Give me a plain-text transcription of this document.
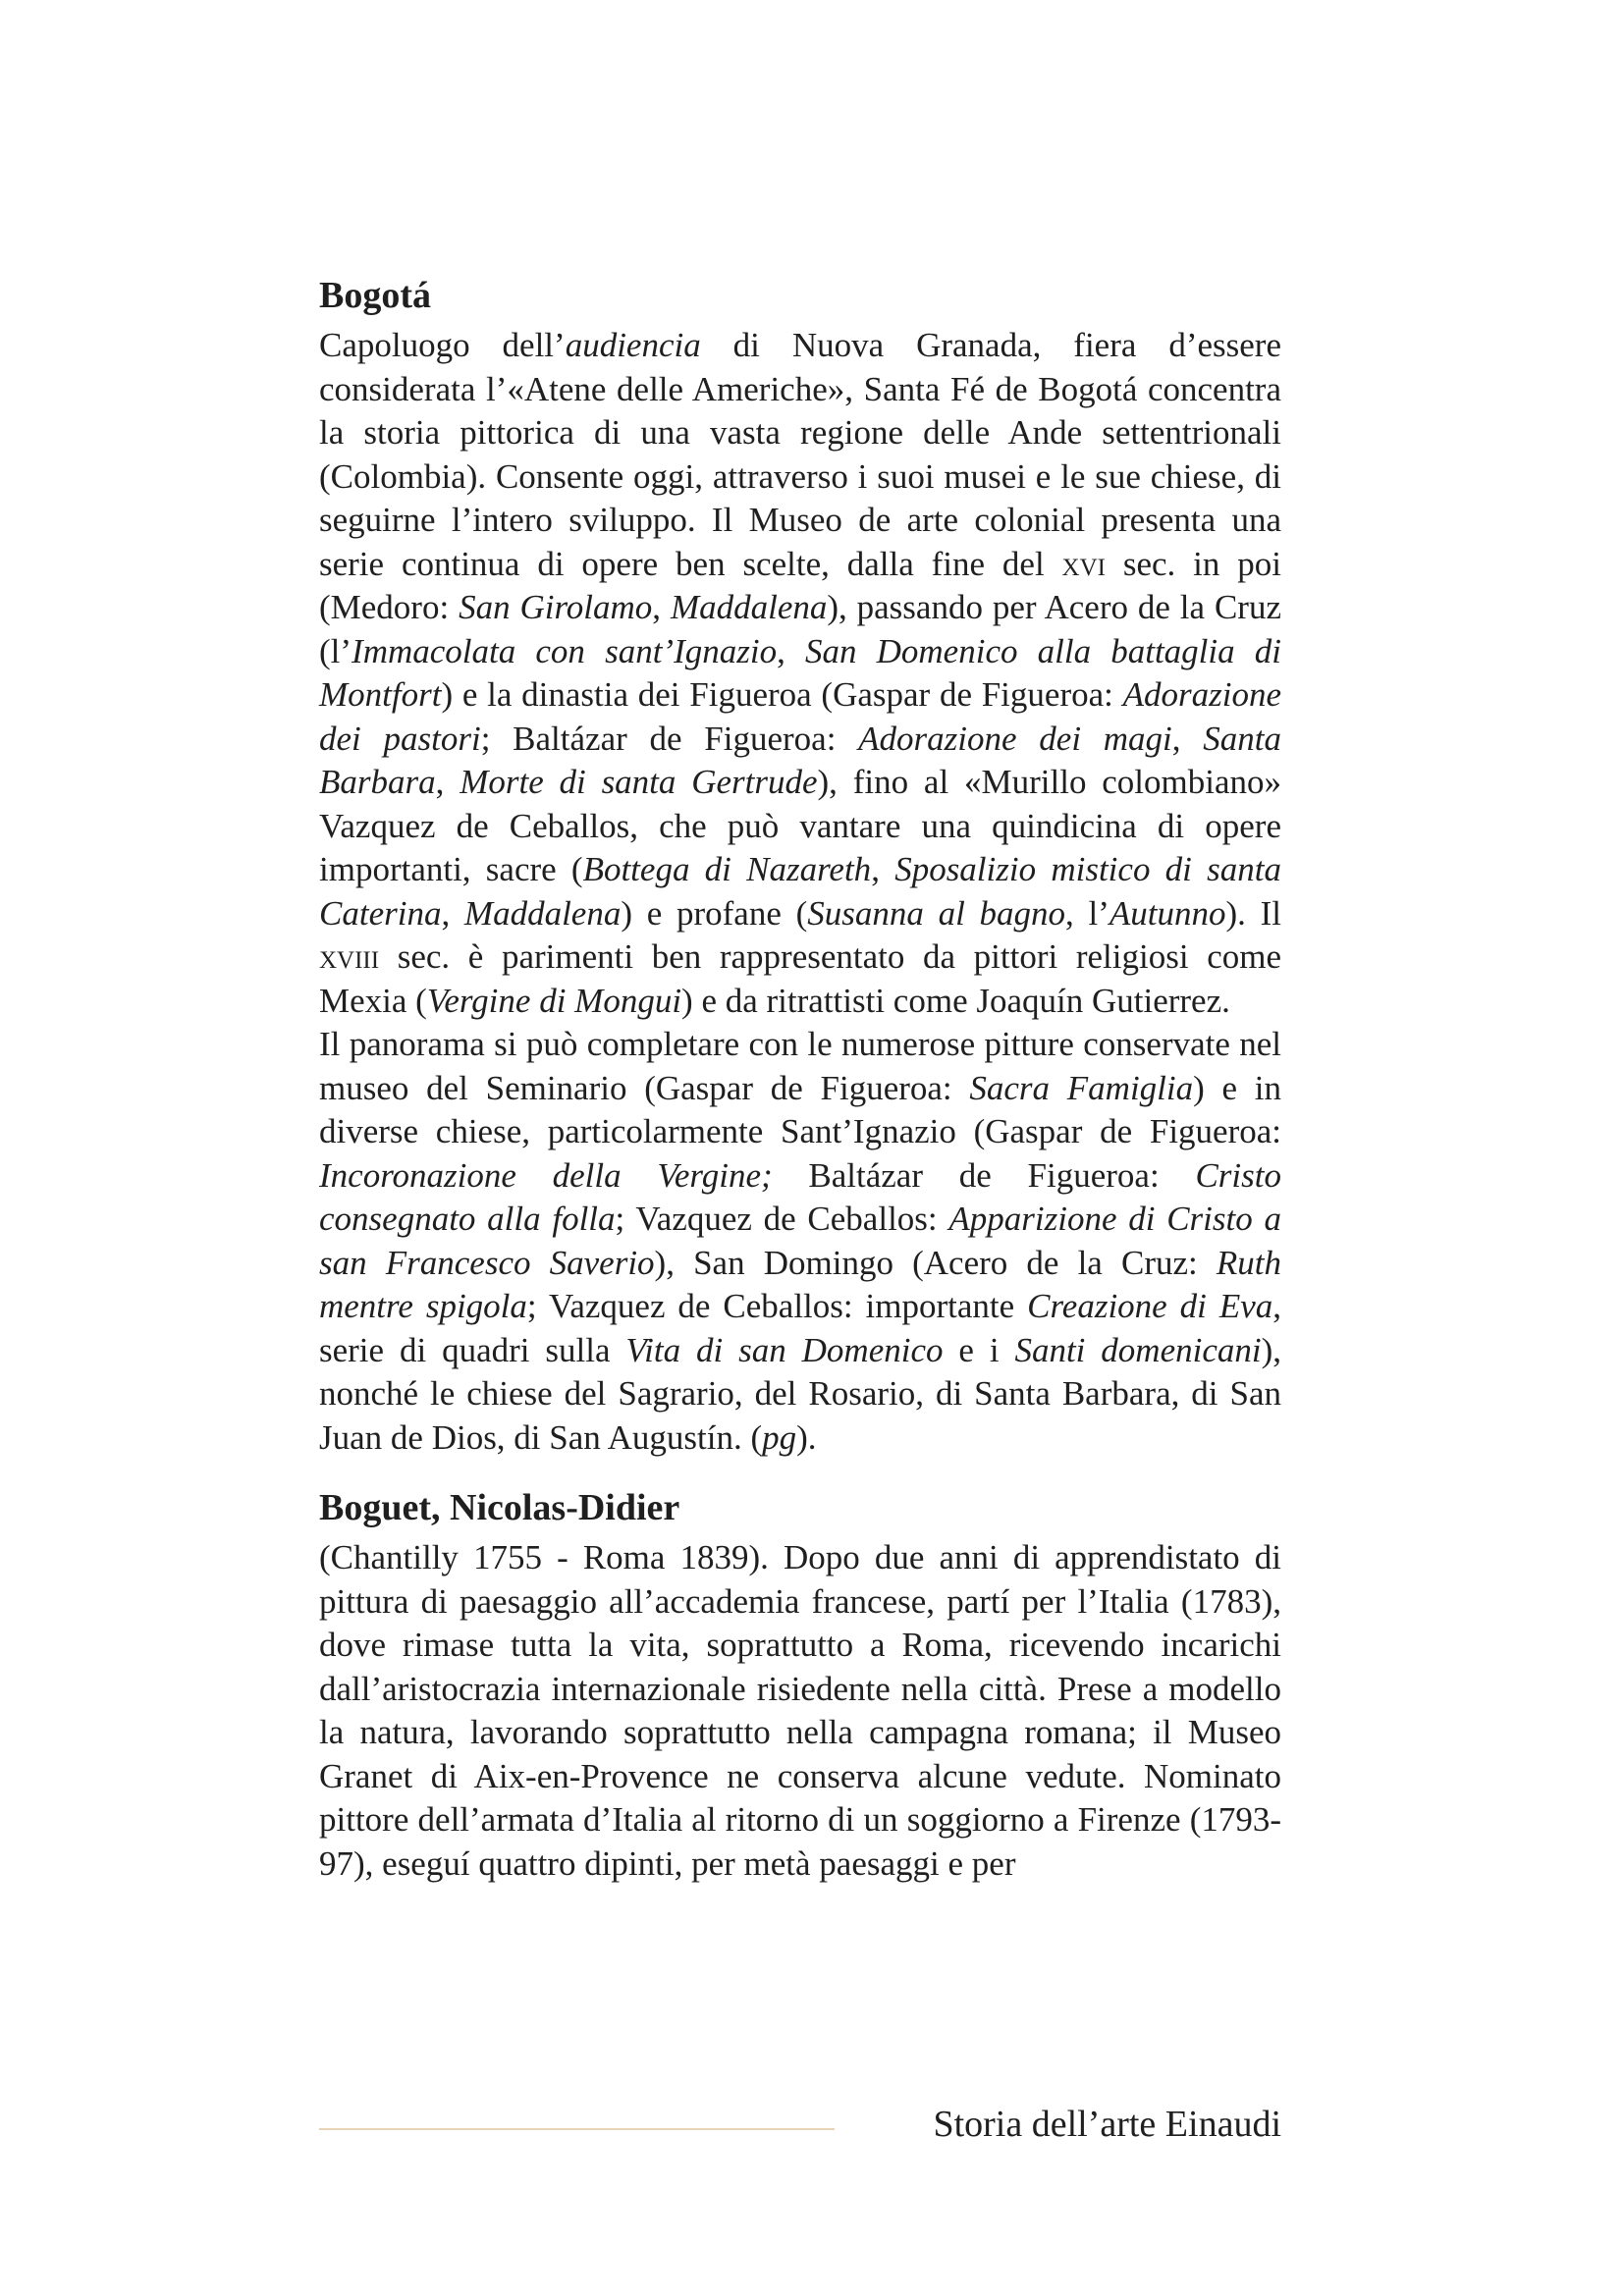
Bogotá

Capoluogo dell’audiencia di Nuova Granada, fiera d’essere considerata l’«Atene delle Americhe», Santa Fé de Bogotá concentra la storia pittorica di una vasta regione delle Ande settentrionali (Colombia). Consente oggi, attraverso i suoi musei e le sue chiese, di seguirne l’intero sviluppo. Il Museo de arte colonial presenta una serie continua di opere ben scelte, dalla fine del xvi sec. in poi (Medoro: San Girolamo, Maddalena), passando per Acero de la Cruz (l’Immacolata con sant’Ignazio, San Domenico alla battaglia di Montfort) e la dinastia dei Figueroa (Gaspar de Figueroa: Adorazione dei pastori; Baltázar de Figueroa: Adorazione dei magi, Santa Barbara, Morte di santa Gertrude), fino al «Murillo colombiano» Vazquez de Ceballos, che può vantare una quindicina di opere importanti, sacre (Bottega di Nazareth, Sposalizio mistico di santa Caterina, Maddalena) e profane (Susanna al bagno, l’Autunno). Il xviii sec. è parimenti ben rappresentato da pittori religiosi come Mexia (Vergine di Mongui) e da ritrattisti come Joaquín Gutierrez.

Il panorama si può completare con le numerose pitture conservate nel museo del Seminario (Gaspar de Figueroa: Sacra Famiglia) e in diverse chiese, particolarmente Sant’Ignazio (Gaspar de Figueroa: Incoronazione della Vergine; Baltázar de Figueroa: Cristo consegnato alla folla; Vazquez de Ceballos: Apparizione di Cristo a san Francesco Saverio), San Domingo (Acero de la Cruz: Ruth mentre spigola; Vazquez de Ceballos: importante Creazione di Eva, serie di quadri sulla Vita di san Domenico e i Santi domenicani), nonché le chiese del Sagrario, del Rosario, di Santa Barbara, di San Juan de Dios, di San Augustín. (pg).

Boguet, Nicolas-Didier

(Chantilly 1755 - Roma 1839). Dopo due anni di apprendistato di pittura di paesaggio all’accademia francese, partí per l’Italia (1783), dove rimase tutta la vita, soprattutto a Roma, ricevendo incarichi dall’aristocrazia internazionale risiedente nella città. Prese a modello la natura, lavorando soprattutto nella campagna romana; il Museo Granet di Aix-en-Provence ne conserva alcune vedute. Nominato pittore dell’armata d’Italia al ritorno di un soggiorno a Firenze (1793-97), eseguí quattro dipinti, per metà paesaggi e per

Storia dell’arte Einaudi
